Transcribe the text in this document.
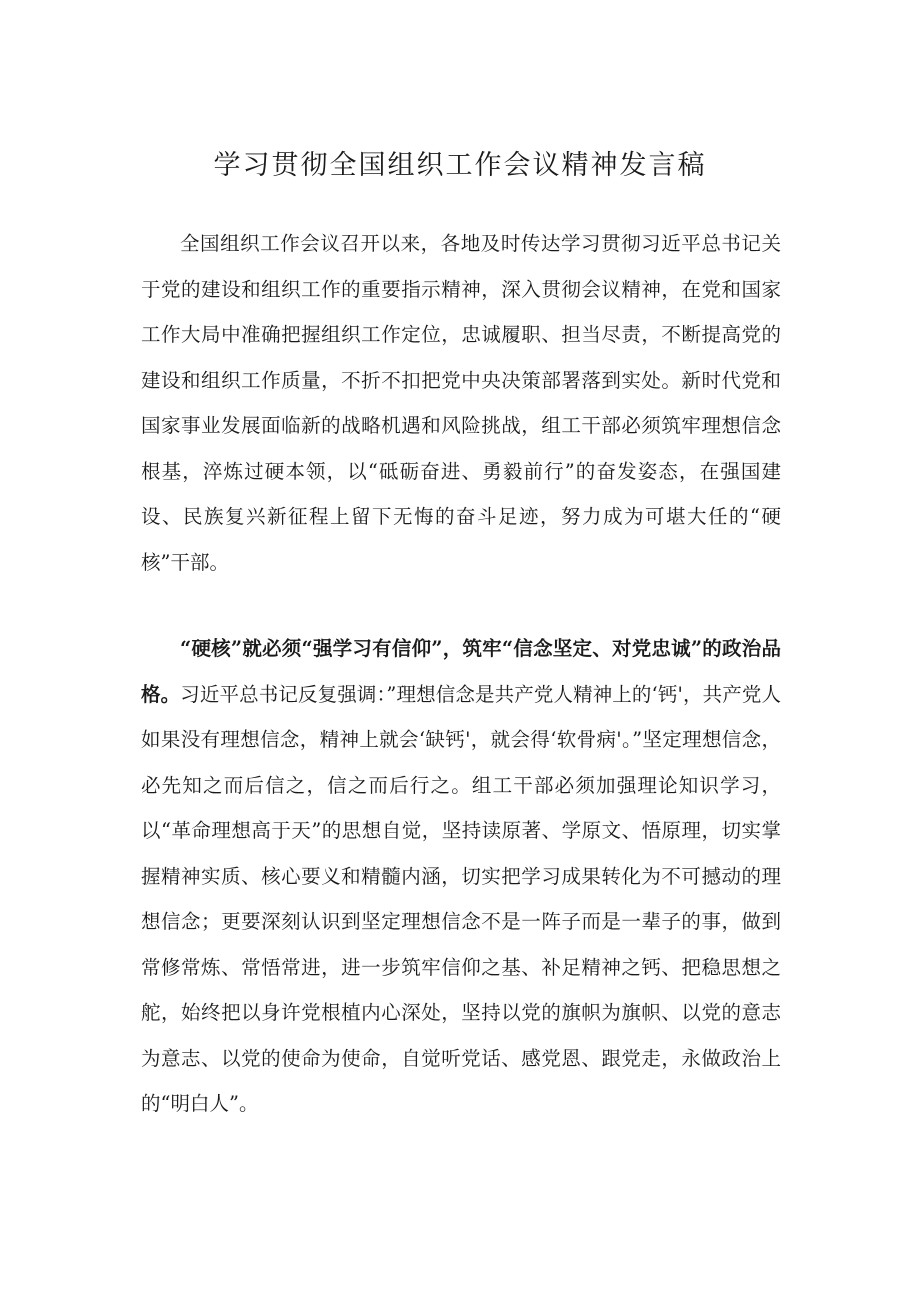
学习贯彻全国组织工作会议精神发言稿

全国组织工作会议召开以来，各地及时传达学习贯彻习近平总书记关于党的建设和组织工作的重要指示精神，深入贯彻会议精神，在党和国家工作大局中准确把握组织工作定位，忠诚履职、担当尽责，不断提高党的建设和组织工作质量，不折不扣把党中央决策部署落到实处。新时代党和国家事业发展面临新的战略机遇和风险挑战，组工干部必须筑牢理想信念根基，淬炼过硬本领，以“砥砺奋进、勇毅前行”的奋发姿态，在强国建设、民族复兴新征程上留下无悔的奋斗足迹，努力成为可堪大任的“硬核”干部。

“硬核”就必须“强学习有信仰”，筑牢“信念坚定、对党忠诚”的政治品格。习近平总书记反复强调：”理想信念是共产党人精神上的‘钙'，共产党人如果没有理想信念，精神上就会‘缺钙'，就会得‘软骨病'。”坚定理想信念，必先知之而后信之，信之而后行之。组工干部必须加强理论知识学习，以“革命理想高于天”的思想自觉，坚持读原著、学原文、悟原理，切实掌握精神实质、核心要义和精髓内涵，切实把学习成果转化为不可撼动的理想信念；更要深刻认识到坚定理想信念不是一阵子而是一辈子的事，做到常修常炼、常悟常进，进一步筑牢信仰之基、补足精神之钙、把稳思想之舵，始终把以身许党根植内心深处，坚持以党的旗帜为旗帜、以党的意志为意志、以党的使命为使命，自觉听党话、感党恩、跟党走，永做政治上的“明白人”。
